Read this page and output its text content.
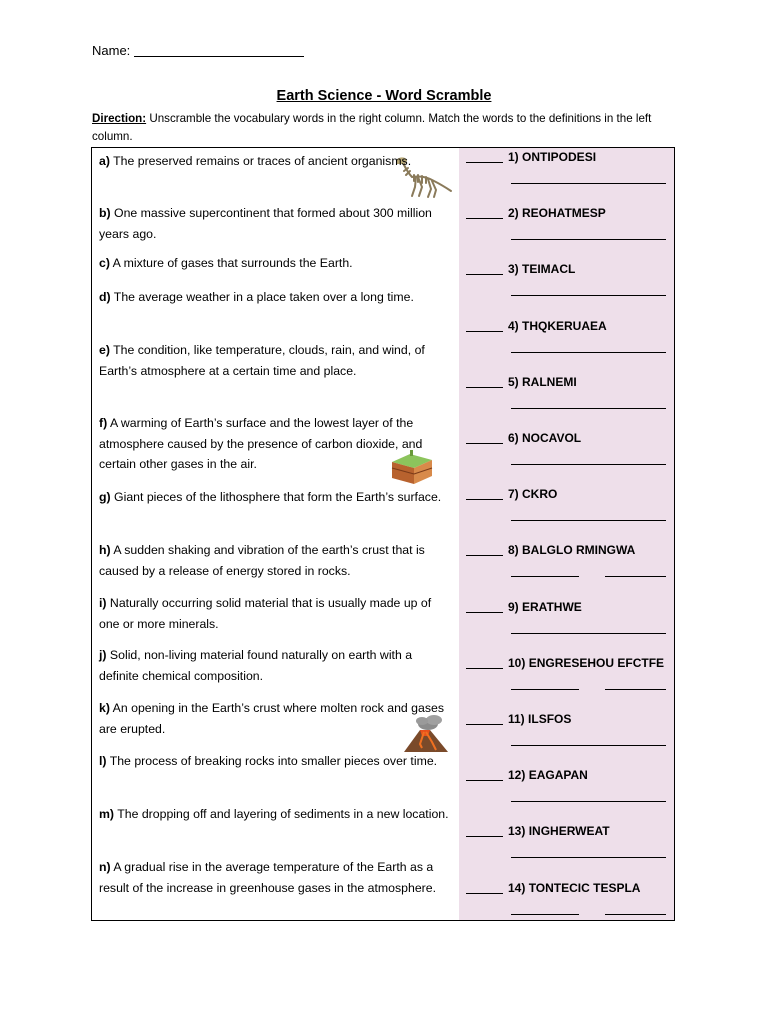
Name:
Earth Science - Word Scramble
Direction: Unscramble the vocabulary words in the right column. Match the words to the definitions in the left column.
a) The preserved remains or traces of ancient organisms.
b) One massive supercontinent that formed about 300 million years ago.
c) A mixture of gases that surrounds the Earth.
d) The average weather in a place taken over a long time.
e) The condition, like temperature, clouds, rain, and wind, of Earth’s atmosphere at a certain time and place.
f) A warming of Earth’s surface and the lowest layer of the atmosphere caused by the presence of carbon dioxide, and certain other gases in the air.
g) Giant pieces of the lithosphere that form the Earth’s surface.
h) A sudden shaking and vibration of the earth’s crust that is caused by a release of energy stored in rocks.
i) Naturally occurring solid material that is usually made up of one or more minerals.
j) Solid, non-living material found naturally on earth with a definite chemical composition.
k) An opening in the Earth’s crust where molten rock and gases are erupted.
l) The process of breaking rocks into smaller pieces over time.
m) The dropping off and layering of sediments in a new location.
n) A gradual rise in the average temperature of the Earth as a result of the increase in greenhouse gases in the atmosphere.
1) ONTIPODESI
2) REOHATMESP
3) TEIMACL
4) THQKERUAEA
5) RALNEMI
6) NOCAVOL
7) CKRO
8) BALGLO RMINGWA
9) ERATHWE
10) ENGRESEHOU EFCTFE
11) ILSFOS
12) EAGAPAN
13) INGHERWEAT
14) TONTECIC TESPLA
